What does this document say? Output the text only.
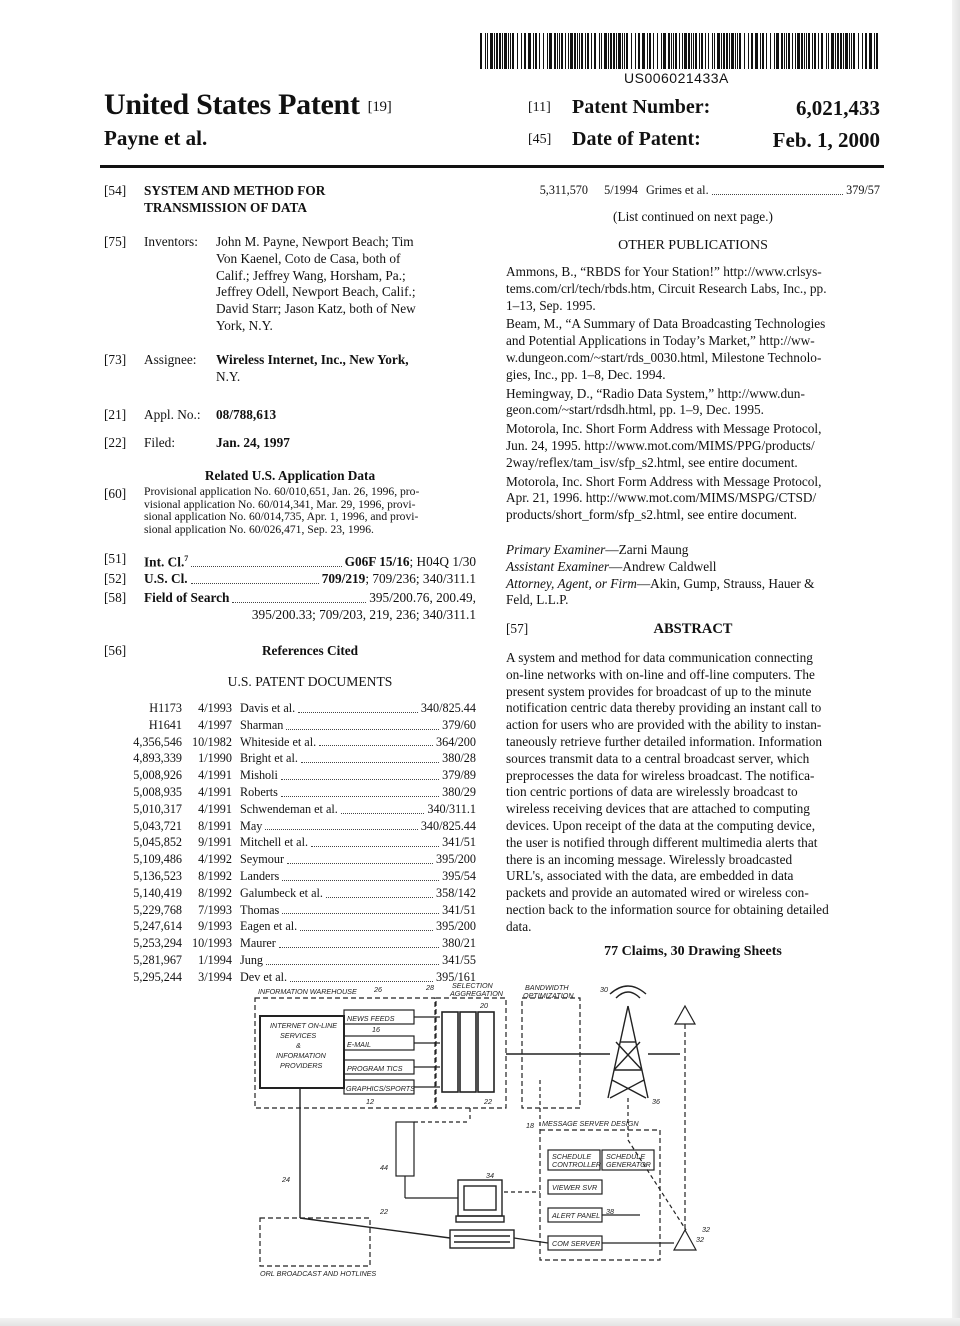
US006021433A
United States Patent [19]
Payne et al.
[11]	Patent Number:	6,021,433
[45]	Date of Patent:	Feb. 1, 2000
[54]	SYSTEM AND METHOD FOR
TRANSMISSION OF DATA
[75]	Inventors:	John M. Payne, Newport Beach; Tim
Von Kaenel, Coto de Casa, both of
Calif.; Jeffrey Wang, Horsham, Pa.;
Jeffrey Odell, Newport Beach, Calif.;
David Starr; Jason Katz, both of New
York, N.Y.
[73]	Assignee:	Wireless Internet, Inc., New York,
N.Y.
[21]	Appl. No.:	08/788,613
[22]	Filed:	Jan. 24, 1997
Related U.S. Application Data
[60]	Provisional application No. 60/010,651, Jan. 26, 1996, pro-
visional application No. 60/014,341, Mar. 29, 1996, provi-
sional application No. 60/014,735, Apr. 1, 1996, and provi-
sional application No. 60/026,471, Sep. 23, 1996.
[51]	Int. Cl.$^7$	G06F 15/16; H04Q 1/30
[52]	U.S. Cl.	709/219; 709/236; 340/311.1
[58]	Field of Search	395/200.76, 200.49,
395/200.33; 709/203, 219, 236; 340/311.1
[56]	References Cited
U.S. PATENT DOCUMENTS
H1173	4/1993	Davis et al. 340/825.44

H1641	4/1997	Sharman 379/60

4,356,546	10/1982	Whiteside et al. 364/200

4,893,339	1/1990	Bright et al. 380/28

5,008,926	4/1991	Misholi 379/89

5,008,935	4/1991	Roberts 380/29

5,010,317	4/1991	Schwendeman et al. 340/311.1

5,043,721	8/1991	May 340/825.44

5,045,852	9/1991	Mitchell et al. 341/51

5,109,486	4/1992	Seymour 395/200

5,136,523	8/1992	Landers 395/54

5,140,419	8/1992	Galumbeck et al. 358/142

5,229,768	7/1993	Thomas 341/51

5,247,614	9/1993	Eagen et al. 395/200

5,253,294	10/1993	Maurer 380/21

5,281,967	1/1994	Jung 341/55

5,295,244	3/1994	Dev et al. 395/161
5,311,570	5/1994	Grimes et al.	379/57
(List continued on next page.)
OTHER PUBLICATIONS

Ammons, B., “RBDS for Your Station!” http://www.crlsys-
tems.com/crl/tech/rbds.htm, Circuit Research Labs, Inc., pp.
1–13, Sep. 1995.

Beam, M., “A Summary of Data Broadcasting Technologies
and Potential Applications in Today’s Market,” http://ww-
w.dungeon.com/~start/rds_0030.html, Milestone Technolo-
gies, Inc., pp. 1–8, Dec. 1994.

Hemingway, D., “Radio Data System,” http://www.dun-
geon.com/~start/rdsdh.html, pp. 1–9, Dec. 1995.

Motorola, Inc. Short Form Address with Message Protocol,
Jun. 24, 1995. http://www.mot.com/MIMS/PPG/products/
2way/reflex/tam_isv/sfp_s2.html, see entire document.

Motorola, Inc. Short Form Address with Message Protocol,
Apr. 21, 1996. http://www.mot.com/MIMS/MSPG/CTSD/
products/short_form/sfp_s2.html, see entire document.

Primary Examiner—Zarni Maung
Assistant Examiner—Andrew Caldwell
Attorney, Agent, or Firm—Akin, Gump, Strauss, Hauer &
Feld, L.L.P.
[57]	ABSTRACT
A system and method for data communication connecting
on-line networks with on-line and off-line computers. The
present system provides for broadcast of up to the minute
notification centric data thereby providing an instant call to
action for users who are provided with the ability to instan-
taneously retrieve further detailed information. Information
sources transmit data to a central broadcast server, which
preprocesses the data for wireless broadcast. The notifica-
tion centric portions of data are wirelessly broadcast to
wireless receiving devices that are attached to computing
devices. Upon receipt of the data at the computing device,
the user is notified through different multimedia alerts that
there is an incoming message. Wirelessly broadcasted
URL's, associated with the data, are embedded in data
packets and provide an automated wired or wireless con-
nection back to the information source for obtaining detailed
data.
77 Claims, 30 Drawing Sheets
INFORMATION WAREHOUSE 26
INTERNET ON-LINE
SERVICES
&
INFORMATION
PROVIDERS
NEWS FEEDS
16
E-MAIL
PROGRAM TICS
GRAPHICS/SPORTS
12
28	SELECTION
AGGREGATION
20
22
BANDWIDTH
OPTIMIZATION
30
36
24
44
34
MESSAGE SERVER DESIGN
18
SCHEDULE
CONTROLLER
SCHEDULE
GENERATOR
VIEWER SVR
ALERT PANEL
COM SERVER
38
32
32
ORL BROADCAST AND HOTLINES
22
